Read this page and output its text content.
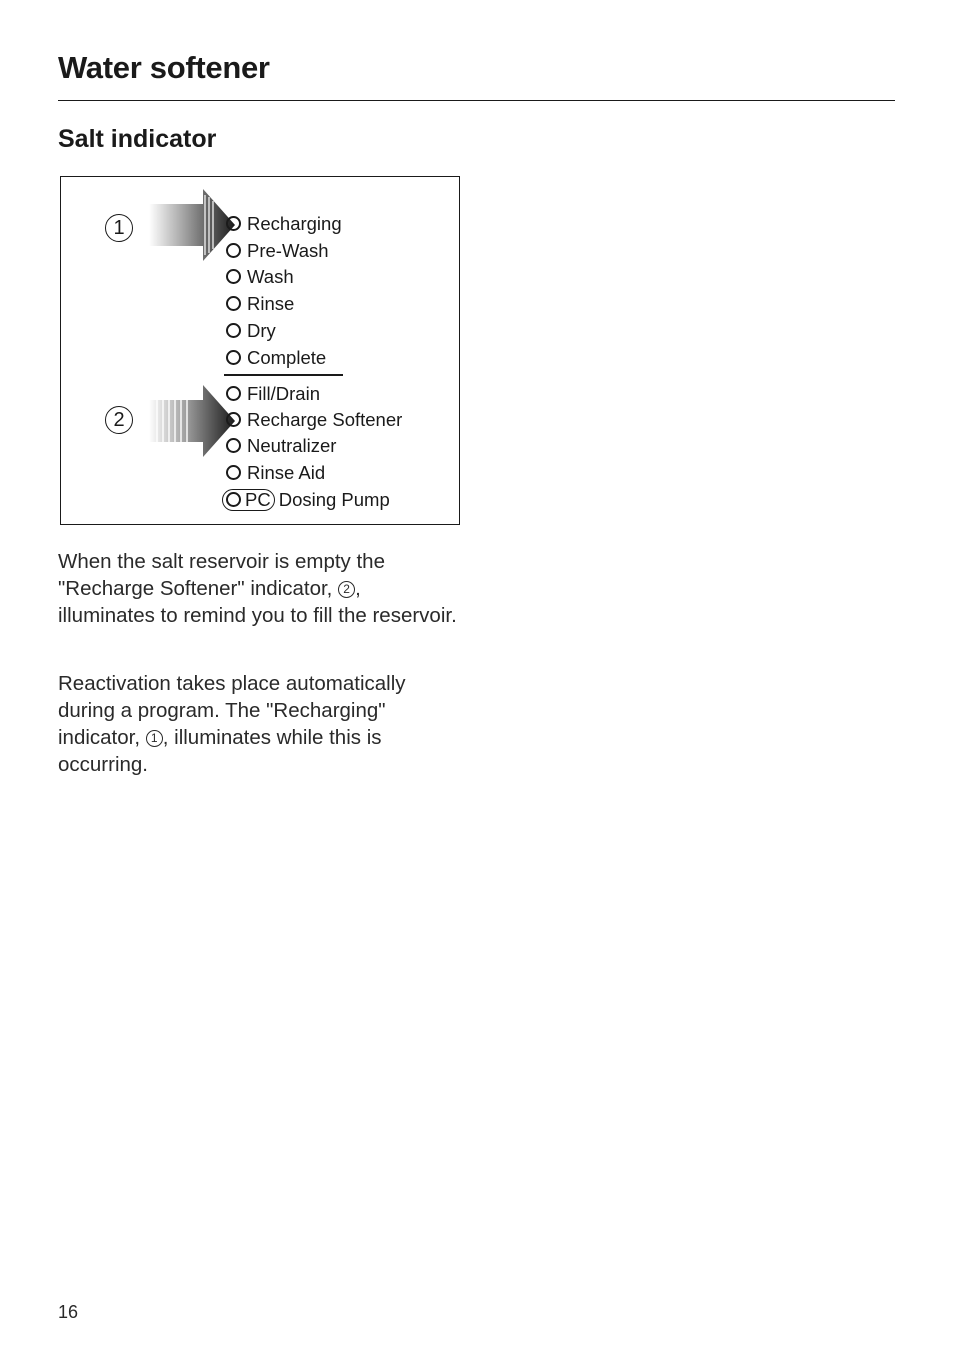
Water softener
Salt indicator
1
2
Recharging
Pre-Wash
Wash
Rinse
Dry
Complete
Fill/Drain
Recharge Softener
Neutralizer
Rinse Aid
PC Dosing Pump

When the salt reservoir is empty the "Recharge Softener" indicator, 2 , illuminates to remind you to fill the reservoir.

Reactivation takes place automatically during a program. The "Recharging" indicator, 1 , illuminates while this is occurring.

16
